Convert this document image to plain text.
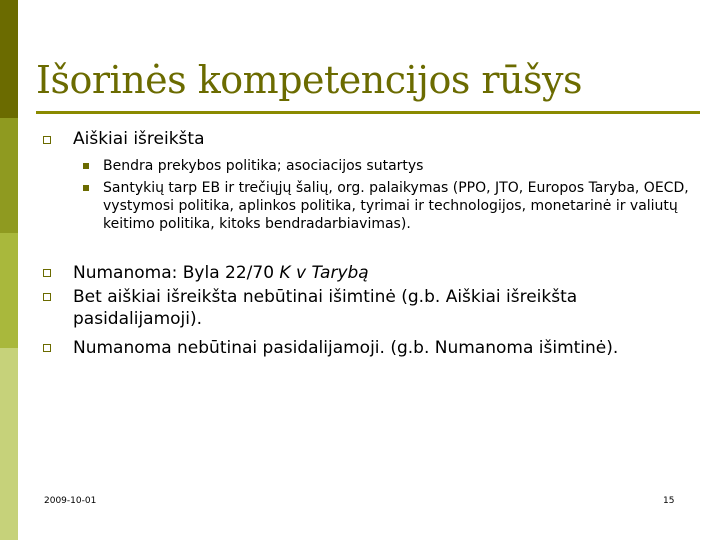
Išorinės kompetencijos rūšys
Aiškiai išreikšta
Bendra prekybos politika; asociacijos sutartys
Santykių tarp EB ir trečiųjų šalių, org. palaikymas (PPO, JTO, Europos Taryba, OECD, vystymosi politika, aplinkos politika, tyrimai ir technologijos, monetarinė ir valiutų keitimo politika, kitoks bendradarbiavimas).
Numanoma: Byla 22/70 K v Tarybą
Bet aiškiai išreikšta nebūtinai išimtinė (g.b. Aiškiai išreikšta pasidalijamoji).
Numanoma nebūtinai pasidalijamoji. (g.b. Numanoma išimtinė).
2009-10-01	15
